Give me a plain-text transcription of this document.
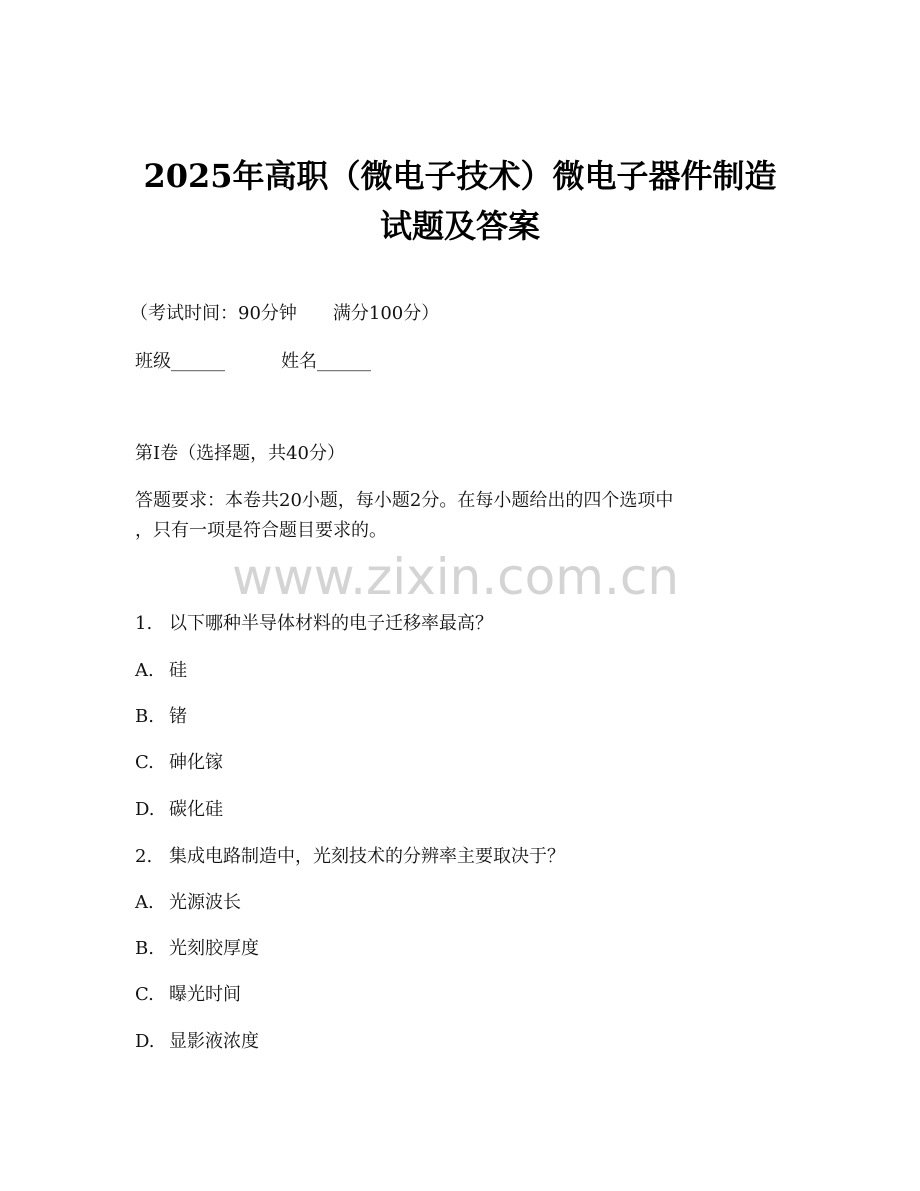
2025年高职（微电子技术）微电子器件制造
试题及答案
（考试时间：90分钟　　满分100分）
班级______	姓名______
第I卷（选择题，共40分）
答题要求：本卷共20小题，每小题2分。在每小题给出的四个选项中
，只有一项是符合题目要求的。
www.zixin.com.cn
1. 以下哪种半导体材料的电子迁移率最高？
A. 硅
B. 锗
C. 砷化镓
D. 碳化硅
2. 集成电路制造中，光刻技术的分辨率主要取决于？
A. 光源波长
B. 光刻胶厚度
C. 曝光时间
D. 显影液浓度
